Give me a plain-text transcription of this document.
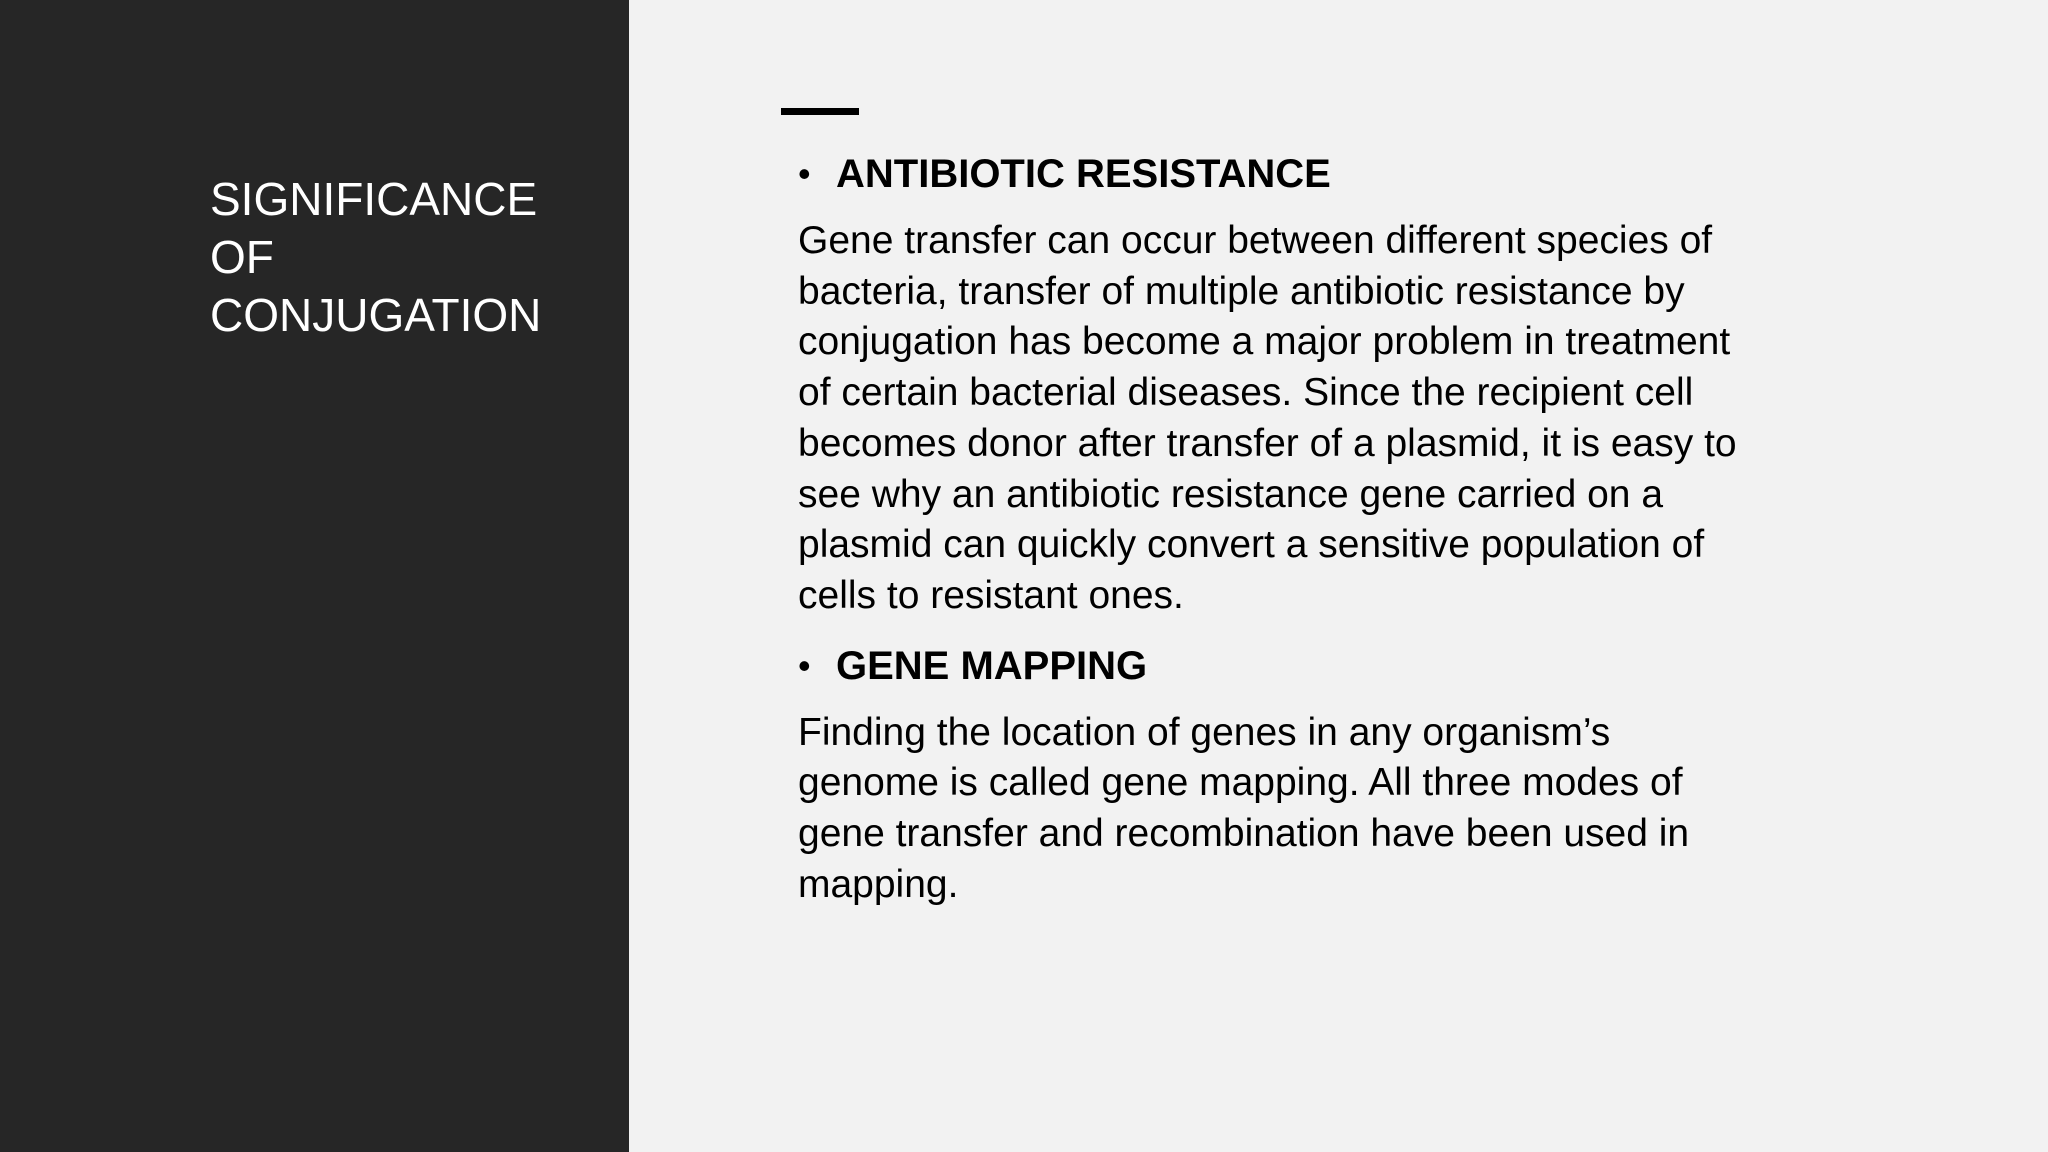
SIGNIFICANCE
OF
CONJUGATION
• ANTIBIOTIC RESISTANCE
Gene transfer can occur between different species of
bacteria, transfer of multiple antibiotic resistance by
conjugation has become a major problem in treatment
of certain bacterial diseases. Since the recipient cell
becomes donor after transfer of a plasmid, it is easy to
see why an antibiotic resistance gene carried on a
plasmid can quickly convert a sensitive population of
cells to resistant ones.
• GENE MAPPING
Finding the location of genes in any organism’s
genome is called gene mapping. All three modes of
gene transfer and recombination have been used in
mapping.
